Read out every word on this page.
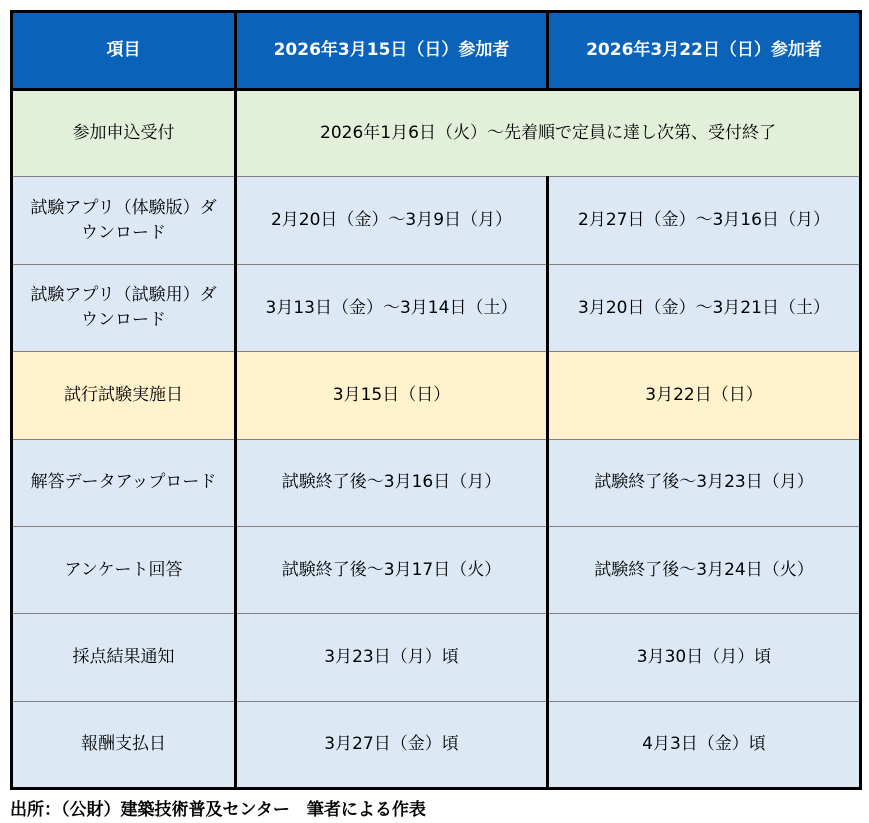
項目	2026年3月15日（日）参加者	2026年3月22日（日）参加者
参加申込受付	2026年1月6日（火）～先着順で定員に達し次第、受付終了	
試験アプリ（体験版）ダウンロード	2月20日（金）～3月9日（月）	2月27日（金）～3月16日（月）
試験アプリ（試験用）ダウンロード	3月13日（金）～3月14日（土）	3月20日（金）～3月21日（土）
試行試験実施日	3月15日（日）	3月22日（日）
解答データアップロード	試験終了後～3月16日（月）	試験終了後～3月23日（月）
アンケート回答	試験終了後～3月17日（火）	試験終了後～3月24日（火）
採点結果通知	3月23日（月）頃	3月30日（月）頃
報酬支払日	3月27日（金）頃	4月3日（金）頃

出所：（公財）建築技術普及センター　筆者による作表
